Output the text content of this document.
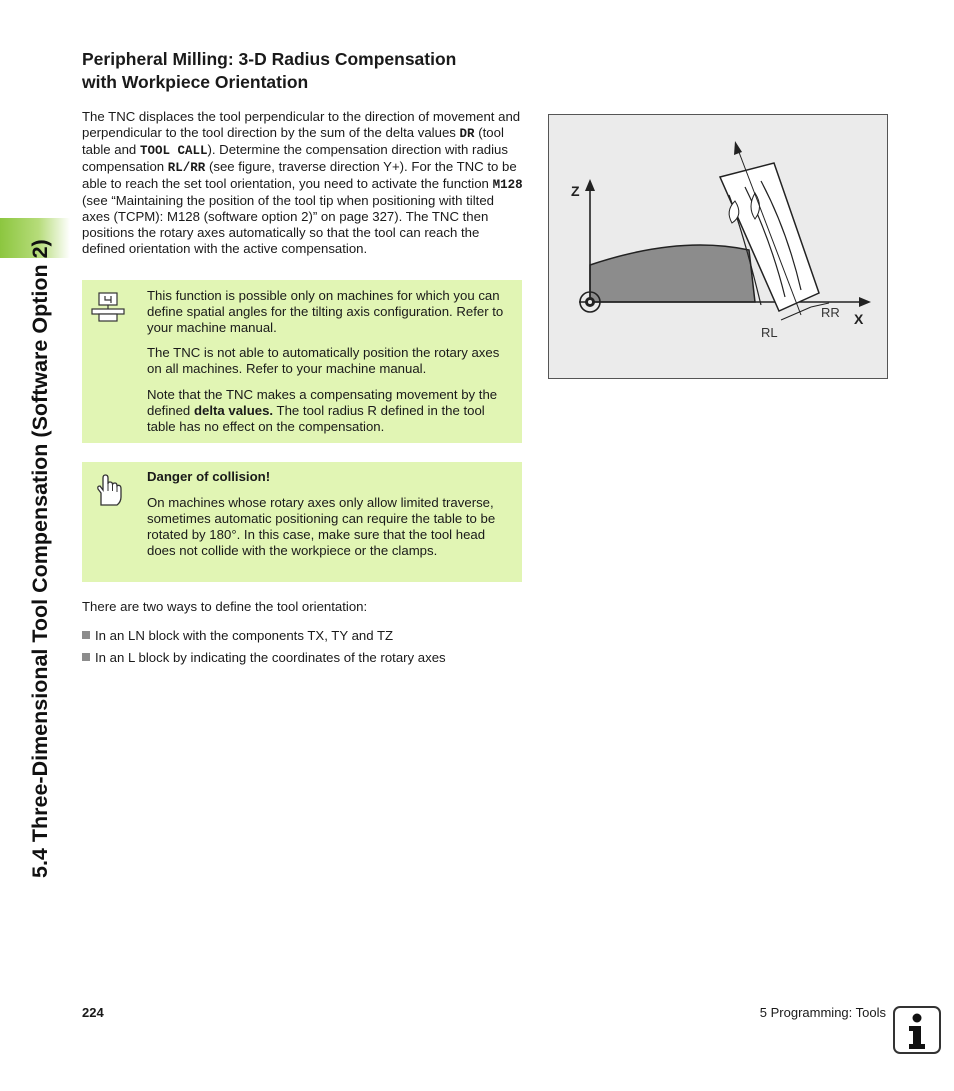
5.4 Three-Dimensional Tool Compensation (Software Option 2)
Peripheral Milling: 3-D Radius Compensation
with Workpiece Orientation

The TNC displaces the tool perpendicular to the direction of movement and perpendicular to the tool direction by the sum of the delta values DR (tool table and TOOL CALL). Determine the compensation direction with radius compensation RL/RR (see figure, traverse direction Y+). For the TNC to be able to reach the set tool orientation, you need to activate the function M128 (see “Maintaining the position of the tool tip when positioning with tilted axes (TCPM): M128 (software option 2)” on page 327). The TNC then positions the rotary axes automatically so that the tool can reach the defined orientation with the active compensation.

This function is possible only on machines for which you can define spatial angles for the tilting axis configuration. Refer to your machine manual.

The TNC is not able to automatically position the rotary axes on all machines. Refer to your machine manual.

Note that the TNC makes a compensating movement by the defined delta values. The tool radius R defined in the tool table has no effect on the compensation.

Danger of collision!

On machines whose rotary axes only allow limited traverse, sometimes automatic positioning can require the table to be rotated by 180°. In this case, make sure that the tool head does not collide with the workpiece or the clamps.

Z
X
RR
RL

There are two ways to define the tool orientation:

In an LN block with the components TX, TY and TZ
In an L block by indicating the coordinates of the rotary axes
224	5 Programming: Tools
